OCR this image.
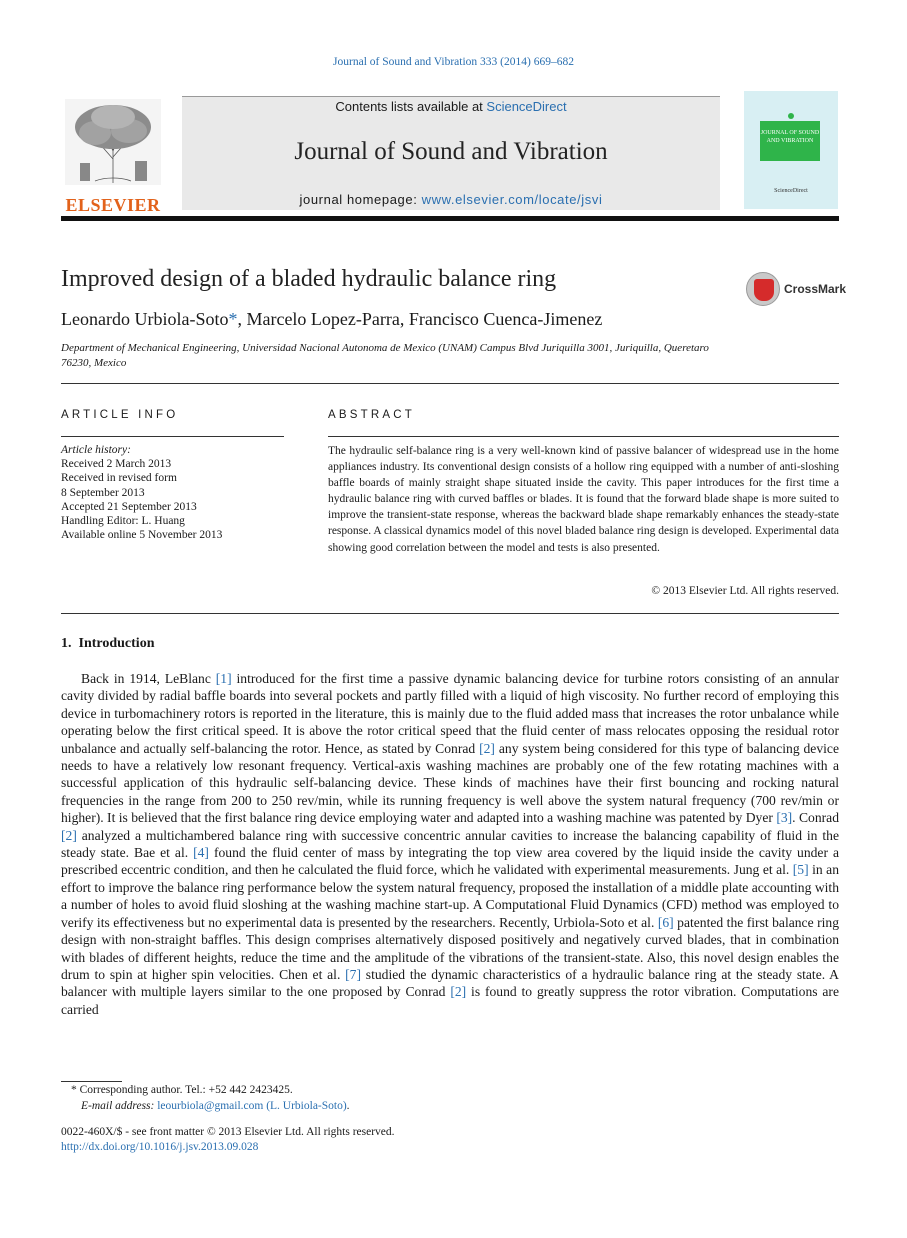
Journal of Sound and Vibration 333 (2014) 669–682
ELSEVIER
Contents lists available at ScienceDirect
Journal of Sound and Vibration
journal homepage: www.elsevier.com/locate/jsvi
JOURNAL OF SOUND AND VIBRATION
ScienceDirect
Improved design of a bladed hydraulic balance ring	CrossMark
Leonardo Urbiola-Soto*, Marcelo Lopez-Parra, Francisco Cuenca-Jimenez
Department of Mechanical Engineering, Universidad Nacional Autonoma de Mexico (UNAM) Campus Blvd Juriquilla 3001, Juriquilla, Queretaro 76230, Mexico
ARTICLE INFO	ABSTRACT
Article history:
Received 2 March 2013
Received in revised form
8 September 2013
Accepted 21 September 2013
Handling Editor: L. Huang
Available online 5 November 2013
The hydraulic self-balance ring is a very well-known kind of passive balancer of widespread use in the home appliances industry. Its conventional design consists of a hollow ring equipped with a number of anti-sloshing baffle boards of mainly straight shape situated inside the cavity. This paper introduces for the first time a hydraulic balance ring with curved baffles or blades. It is found that the forward blade shape is more suited to improve the transient-state response, whereas the backward blade shape remarkably enhances the steady-state response. A classical dynamics model of this novel bladed balance ring design is developed. Experimental data showing good correlation between the model and tests is also presented.
© 2013 Elsevier Ltd. All rights reserved.
1.  Introduction

Back in 1914, LeBlanc [1] introduced for the first time a passive dynamic balancing device for turbine rotors consisting of an annular cavity divided by radial baffle boards into several pockets and partly filled with a liquid of high viscosity. No further record of employing this device in turbomachinery rotors is reported in the literature, this is mainly due to the fluid added mass that increases the rotor unbalance while operating below the first critical speed. It is above the rotor critical speed that the fluid center of mass relocates opposing the residual rotor unbalance and actually self-balancing the rotor. Hence, as stated by Conrad [2] any system being considered for this type of balancing device needs to have a relatively low resonant frequency. Vertical-axis washing machines are probably one of the few rotating machines with a successful application of this hydraulic self-balancing device. These kinds of machines have their first bouncing and rocking natural frequencies in the range from 200 to 250 rev/min, while its running frequency is well above the system natural frequency (700 rev/min or higher). It is believed that the first balance ring device employing water and adapted into a washing machine was patented by Dyer [3]. Conrad [2] analyzed a multichambered balance ring with successive concentric annular cavities to increase the balancing capability of fluid in the steady state. Bae et al. [4] found the fluid center of mass by integrating the top view area covered by the liquid inside the cavity under a prescribed eccentric condition, and then he calculated the fluid force, which he validated with experimental measurements. Jung et al. [5] in an effort to improve the balance ring performance below the system natural frequency, proposed the installation of a middle plate accounting with a number of holes to avoid fluid sloshing at the washing machine start-up. A Computational Fluid Dynamics (CFD) method was employed to verify its effectiveness but no experimental data is presented by the researchers. Recently, Urbiola-Soto et al. [6] patented the first balance ring design with non-straight baffles. This design comprises alternatively disposed positively and negatively curved blades, that in combination with blades of different heights, reduce the time and the amplitude of the vibrations of the transient-state. Also, this novel design enables the drum to spin at higher spin velocities. Chen et al. [7] studied the dynamic characteristics of a hydraulic balance ring at the steady state. A balancer with multiple layers similar to the one proposed by Conrad [2] is found to greatly suppress the rotor vibration. Computations are carried

* Corresponding author. Tel.: +52 442 2423425.
E-mail address: leourbiola@gmail.com (L. Urbiola-Soto).
0022-460X/$ - see front matter © 2013 Elsevier Ltd. All rights reserved.
http://dx.doi.org/10.1016/j.jsv.2013.09.028
